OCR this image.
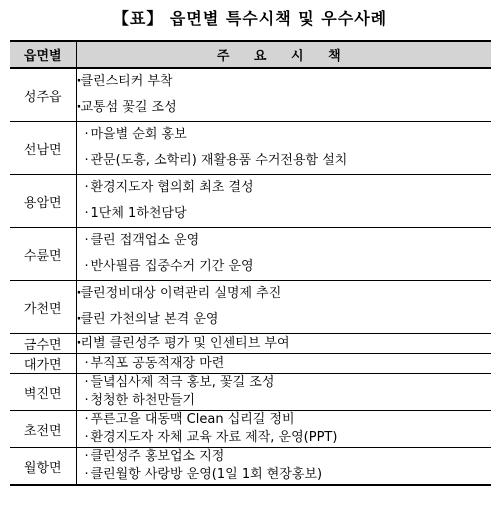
【표】 읍면별 특수시책 및 우수사례
읍면별	주 요 시 책
성주읍	· 클린스티커 부착
· 교통섬 꽃길 조성

선남면	· 마을별 순회 홍보
· 관문(도흥, 소학리) 재활용품 수거전용함 설치

용암면	· 환경지도자 협의회 최초 결성
· 1단체 1하천담당

수륜면	· 클린 접객업소 운영
· 반사필름 집중수거 기간 운영

가천면	· 클린정비대상 이력관리 실명제 추진
· 클린 가천의날 본격 운영

금수면	· 리별 클린성주 평가 및 인센티브 부여

대가면	· 부직포 공동적재장 마련

벽진면	· 들녘심사제 적극 홍보, 꽃길 조성
· 청청한 하천만들기

초전면	· 푸른고을 대동맥 Clean 십리길 정비
· 환경지도자 자체 교육 자료 제작, 운영(PPT)

월항면	· 클린성주 홍보업소 지정
· 클린월항 사랑방 운영(1일 1회 현장홍보)
